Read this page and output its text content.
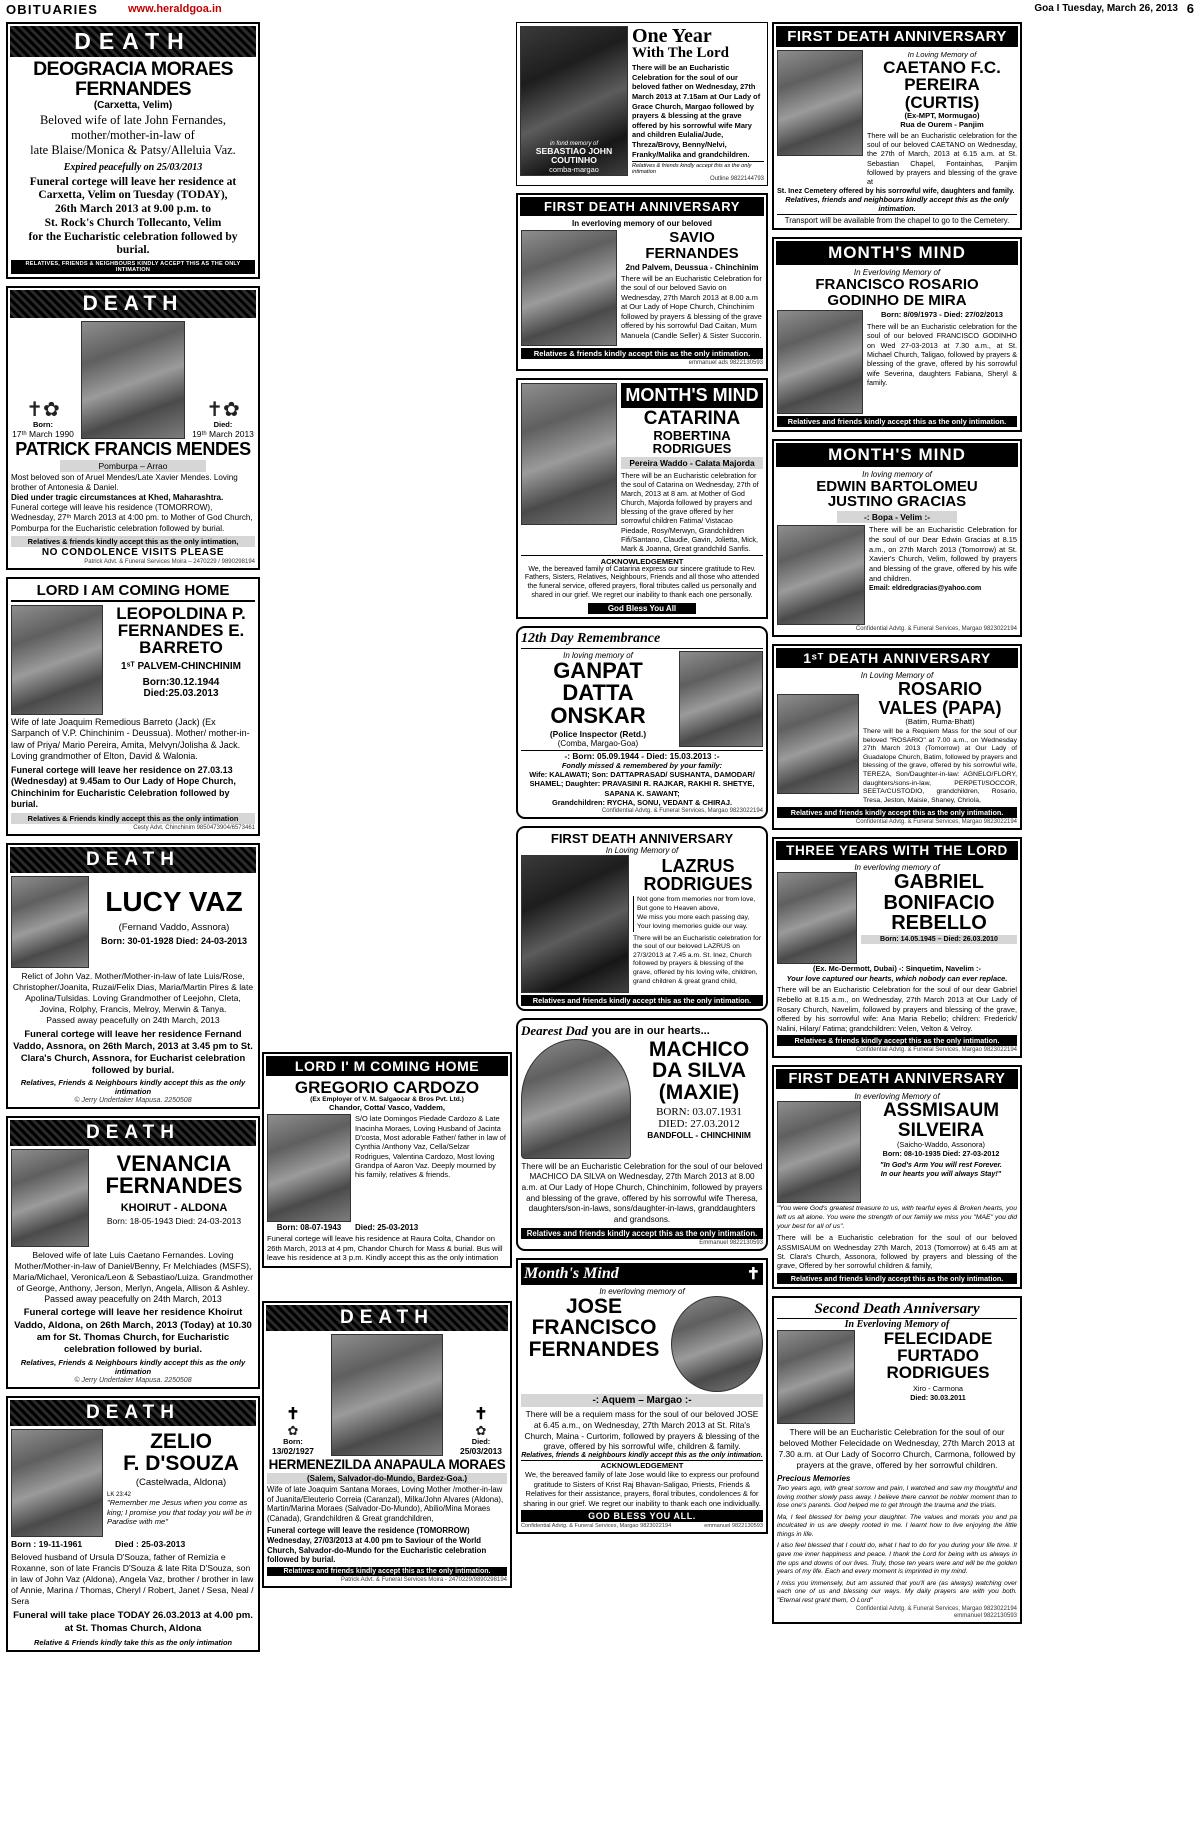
OBITUARIES	www.heraldgoa.in	Goa I Tuesday, March 26, 2013 6
DEATH
DEOGRACIA MORAES FERNANDES
(Carxetta, Velim)
Beloved wife of late John Fernandes,
mother/mother-in-law of
late Blaise/Monica & Patsy/Alleluia Vaz.
Expired peacefully on 25/03/2013
Funeral cortege will leave her residence at
Carxetta, Velim on Tuesday (TODAY),
26th March 2013 at 9.00 p.m. to
St. Rock's Church Tollecanto, Velim
for the Eucharistic celebration followed by burial.
RELATIVES, FRIENDS & NEIGHBOURS KINDLY ACCEPT THIS AS THE ONLY INTIMATION
DEATH
✝✿
Born:
17ᵗʰ March 1990
✝✿
Died:
19ᵗʰ March 2013
PATRICK FRANCIS MENDES
Pomburpa – Arrao
Most beloved son of Aruel Mendes/Late Xavier Mendes. Loving brother of Antonesia & Daniel.
Died under tragic circumstances at Khed, Maharashtra.
Funeral cortege will leave his residence (TOMORROW), Wednesday, 27ᵗʰ March 2013 at 4:00 pm. to Mother of God Church, Pomburpa for the Eucharistic celebration followed by burial.
Relatives & friends kindly accept this as the only intimation,
NO CONDOLENCE VISITS PLEASE
Patrick Advt. & Funeral Services Moira – 2470229 / 9890298194
LORD I AM COMING HOME
LEOPOLDINA P.
FERNANDES E. BARRETO
1ˢᵀ PALVEM-CHINCHINIM
Born:30.12.1944
Died:25.03.2013
Wife of late Joaquim Remedious Barreto (Jack) (Ex Sarpanch of V.P. Chinchinim - Deussua). Mother/ mother-in-law of Priya/ Mario Pereira, Amita, Melvyn/Jolisha & Jack. Loving grandmother of Elton, David & Walonia.
Funeral cortege will leave her residence on 27.03.13 (Wednesday) at 9.45am to Our Lady of Hope Church, Chinchinim for Eucharistic Celebration followed by burial.
Relatives & Friends kindly accept this as the only intimation
Cesty Advt. Chinchinim 9850473904/6573461
DEATH
LUCY VAZ
(Fernand Vaddo, Assnora)
Born: 30-01-1928 Died: 24-03-2013
Relict of John Vaz. Mother/Mother-in-law of late Luis/Rose, Christopher/Joanita, Ruzai/Felix Dias, Maria/Martin Pires & late Apolina/Tulsidas. Loving Grandmother of Leejohn, Cleta, Jovina, Rolphy, Francis, Melroy, Merwin & Tanya.
Passed away peacefully on 24th March, 2013
Funeral cortege will leave her residence Fernand Vaddo, Assnora, on 26th March, 2013 at 3.45 pm to St. Clara's Church, Assnora, for Eucharist celebration followed by burial.
Relatives, Friends & Neighbours kindly accept this as the only intimation
© Jerry Undertaker Mapusa. 2250508
DEATH
VENANCIA
FERNANDES
KHOIRUT - ALDONA
Born: 18-05-1943 Died: 24-03-2013
Beloved wife of late Luis Caetano Fernandes. Loving Mother/Mother-in-law of Daniel/Benny, Fr Melchiades (MSFS), Maria/Michael, Veronica/Leon & Sebastiao/Luiza. Grandmother of George, Anthony, Jerson, Merlyn, Angela, Allison & Ashley.
Passed away peacefully on 24th March, 2013
Funeral cortege will leave her residence Khoirut Vaddo, Aldona, on 26th March, 2013 (Today) at 10.30 am for St. Thomas Church, for Eucharistic celebration followed by burial.
Relatives, Friends & Neighbours kindly accept this as the only intimation
© Jerry Undertaker Mapusa. 2250508
DEATH
ZELIO
F. D'SOUZA
(Castelwada, Aldona)
LK 23:42
"Remember me Jesus when you come as king; I promise you that today you will be in Paradise with me"
Born : 19-11-1961	Died : 25-03-2013
Beloved husband of Ursula D'Souza, father of Remizia e Roxanne, son of late Francis D'Souza & late Rita D'Souza, son in law of John Vaz (Aldona), Angela Vaz, brother / brother in law of Annie, Marina / Thomas, Cheryl / Robert, Janet / Sesa, Neal / Sera
Funeral will take place TODAY 26.03.2013 at 4.00 pm. at St. Thomas Church, Aldona
Relative & Friends kindly take this as the only intimation
LORD I' M COMING HOME
GREGORIO CARDOZO
(Ex Employer of V. M. Salgaocar & Bros Pvt. Ltd.)
Chandor, Cotta/ Vasco, Vaddem,
S/O late Domingos Piedade Cardozo & Late Inacinha Moraes, Loving Husband of Jacinta D'costa, Most adorable Father/ father in law of Cynthia /Anthony Vaz, Cella/Selzar Rodrigues, Valentina Cardozo, Most loving Grandpa of Aaron Vaz. Deeply mourned by his family, relatives & friends.
Born: 08-07-1943	Died: 25-03-2013
Funeral cortege will leave his residence at Raura Colta, Chandor on 26th March, 2013 at 4 pm, Chandor Church for Mass & burial. Bus will leave his residence at 3 p.m. Kindly accept this as the only intimation
DEATH
✝
✿
Born:
13/02/1927
✝
✿
Died:
25/03/2013
HERMENEZILDA ANAPAULA MORAES
(Salem, Salvador-do-Mundo, Bardez-Goa.)
Wife of late Joaquim Santana Moraes, Loving Mother /mother-in-law of Juanita/Eleuterio Correia (Caranzal), Milka/John Alvares (Aldona), Martin/Marina Moraes (Salvador-Do-Mundo), Abilio/Mina Moraes (Canada), Grandchildren & Great grandchildren,
Funeral cortege will leave the residence (TOMORROW) Wednesday, 27/03/2013 at 4.00 pm to Saviour of the World Church, Salvador-do-Mundo for the Eucharistic celebration followed by burial.
Relatives and friends kindly accept this as the only intimation.
Patrick Advt. & Funeral Services Moira - 2470229/9890298194
in fond memory of
SEBASTIAO JOHN COUTINHO
comba-margao
One Year
With The Lord
There will be an Eucharistic Celebration for the soul of our beloved father on Wednesday, 27th March 2013 at 7.15am at Our Lady of Grace Church, Margao followed by prayers & blessing at the grave offered by his sorrowful wife Mary and children Eulalia/Jude, Threza/Brovy, Benny/Nelvi, Franky/Malika and grandchildren.
Relatives & friends kindly accept this as the only intimation
Outline 9822144793
FIRST DEATH ANNIVERSARY
In everloving memory of our beloved
SAVIO FERNANDES
2nd Palvem, Deussua - Chinchinim
There will be an Eucharistic Celebration for the soul of our beloved Savio on Wednesday, 27th March 2013 at 8.00 a.m at Our Lady of Hope Church, Chinchinim followed by prayers & blessing of the grave offered by his sorrowful Dad Caitan, Mum Manuela (Candle Seller) & Sister Succorin.
Relatives & friends kindly accept this as the only intimation.
emmanuel ads 9822130593
MONTH'S MIND
CATARINA
ROBERTINA RODRIGUES
Pereira Waddo - Calata Majorda
There will be an Eucharistic celebration for the soul of Catarina on Wednesday, 27th of March, 2013 at 8 am. at Mother of God Church, Majorda followed by prayers and blessing of the grave offered by her sorrowful children Fatima/ Vistacao Piedade, Rosy/Merwyn, Grandchildren Fifi/Santano, Claudie, Gavin, Jolietta, Mick, Mark & Joanna, Great grandchild Sanfis.
ACKNOWLEDGEMENT
We, the bereaved family of Catarina express our sincere gratitude to Rev. Fathers, Sisters, Relatives, Neighbours, Friends and all those who attended the funeral service, offered prayers, floral tributes called us personally and shared in our grief. We regret our inability to thank each one personally.
God Bless You All
12th Day Remembrance
In loving memory of
GANPAT
DATTA ONSKAR
(Police Inspector (Retd.)
(Comba, Margao-Goa)
-: Born: 05.09.1944 - Died: 15.03.2013 :-
Fondly missed & remembered by your family:
Wife: KALAWATI; Son: DATTAPRASAD/ SUSHANTA, DAMODAR/ SHAMEL; Daughter: PRAVASINI R. RAJKAR, RAKHI R. SHETYE, SAPANA K. SAWANT;
Grandchildren: RYCHA, SONU, VEDANT & CHIRAJ.
Confidential Advtg. & Funeral Services, Margao 9823022194
FIRST DEATH ANNIVERSARY
In Loving Memory of
LAZRUS
RODRIGUES
Not gone from memories nor from love,
But gone to Heaven above,
We miss you more each passing day,
Your loving memories guide our way.
There will be an Eucharistic celebration for the soul of our beloved LAZRUS on 27/3/2013 at 7.45 a.m. St. Inez, Church followed by prayers & blessing of the grave, offered by his loving wife, children, grand children & great grand child,
Relatives and friends kindly accept this as the only intimation.
Dearest Dad you are in our hearts...
MACHICO
DA SILVA
(MAXIE)
BORN: 03.07.1931
DIED: 27.03.2012
BANDFOLL - CHINCHINIM
There will be an Eucharistic Celebration for the soul of our beloved MACHICO DA SILVA on Wednesday, 27th March 2013 at 8.00 a.m. at Our Lady of Hope Church, Chinchinim, followed by prayers and blessing of the grave, offered by his sorrowful wife Theresa, daughters/son-in-laws, sons/daughter-in-laws, granddaughters and grandsons.
Relatives and friends kindly accept this as the only intimation.
Emmanuel 9822130593
Month's Mind	✝
In everloving memory of
JOSE
FRANCISCO
FERNANDES
-: Aquem – Margao :-
There will be a requiem mass for the soul of our beloved JOSE at 6.45 a.m., on Wednesday, 27th March 2013 at St. Rita's Church, Maina - Curtorim, followed by prayers & blessing of the grave, offered by his sorrowful wife, children & family.
Relatives, friends & neighbours kindly accept this as the only intimation.
ACKNOWLEDGEMENT
We, the bereaved family of late Jose would like to express our profound gratitude to Sisters of Krist Raj Bhavan-Saligao, Priests, Friends & Relatives for their assistance, prayers, floral tributes, condolences & for sharing in our grief. We regret our inability to thank each one individually.
GOD BLESS YOU ALL.
Confidential Advtg. & Funeral Services, Margao 9823022194	emmanuel 9822130593
FIRST DEATH ANNIVERSARY
In Loving Memory of
CAETANO F.C.
PEREIRA (CURTIS)
(Ex-MPT, Mormugao)
Rua de Ourem - Panjim
There will be an Eucharistic celebration for the soul of our beloved CAETANO on Wednesday, the 27th of March, 2013 at 6.15 a.m. at St. Sebastian Chapel, Fontainhas, Panjim followed by prayers and blessing of the grave at
St. Inez Cemetery offered by his sorrowful wife, daughters and family.
Relatives, friends and neighbours kindly accept this as the only intimation.
Transport will be available from the chapel to go to the Cemetery.
MONTH'S MIND
In Everloving Memory of
FRANCISCO ROSARIO
GODINHO DE MIRA
Born: 8/09/1973 - Died: 27/02/2013
There will be an Eucharistic celebration for the soul of our beloved FRANCISCO GODINHO on Wed 27-03-2013 at 7.30 a.m., at St. Michael Church, Taligao, followed by prayers & blessing of the grave, offered by his sorrowful wife Severina, daughters Fabiana, Sheryl & family.
Relatives and friends kindly accept this as the only intimation.
MONTH'S MIND
In loving memory of
EDWIN BARTOLOMEU
JUSTINO GRACIAS
-: Bopa - Velim :-
There will be an Eucharistic Celebration for the soul of our Dear Edwin Gracias at 8.15 a.m., on 27th March 2013 (Tomorrow) at St. Xavier's Church, Velim, followed by prayers and blessing of the grave, offered by his wife and children.
Email: eldredgracias@yahoo.com
Confidential Advtg. & Funeral Services, Margao 9823022194
1ˢᵀ DEATH ANNIVERSARY
In Loving Memory of
ROSARIO
VALES (PAPA)
(Batim, Ruma-Bhatt)
There will be a Requiem Mass for the soul of our beloved "ROSARIO" at 7.00 a.m., on Wednesday 27th March 2013 (Tomorrow) at Our Lady of Guadalope Church, Batim, followed by prayers and blessing of the grave, offered by his sorrowful wife, TEREZA, Son/Daughter-in-law: AGNELO/FLORY, daughters/sons-in-law, PERPETI/SOCCOR, SEETA/CUSTODIO, grandchildren, Rosario, Tresa, Jeston, Maisie, Shaney, Chriola,
Relatives and friends kindly accept this as the only intimation.
Confidential Advtg. & Funeral Services, Margao 9823022194
THREE YEARS WITH THE LORD
In everloving memory of
GABRIEL
BONIFACIO
REBELLO
Born: 14.05.1945 – Died: 26.03.2010
(Ex. Mc-Dermott, Dubai) -: Sinquetim, Navelim :-
Your love captured our hearts, which nobody can ever replace.
There will be an Eucharistic Celebration for the soul of our dear Gabriel Rebello at 8.15 a.m., on Wednesday, 27th March 2013 at Our Lady of Rosary Church, Navelim, followed by prayers and blessing of the grave, offered by his sorrowful wife: Ana Maria Rebello; children: Frederick/ Nalini, Hilary/ Fatima; grandchildren: Velen, Velton & Velroy.
Relatives & friends kindly accept this as the only intimation.
Confidential Advtg. & Funeral Services, Margao 9823022194
FIRST DEATH ANNIVERSARY
In everloving Memory of
ASSMISAUM
SILVEIRA
(Saicho-Waddo, Assonora)
Born: 08-10-1935 Died: 27-03-2012
"In God's Arm You will rest Forever.
In our hearts you will always Stay!"
"You were God's greatest treasure to us, with tearful eyes & Broken hearts, you left us all alone. You were the strength of our family we miss you "MAE" you did your best for all of us".
There will be a Eucharistic celebration for the soul of our beloved ASSMISAUM on Wednesday 27th March, 2013 (Tomorrow) at 6.45 am at St. Clara's Church, Assonora, followed by prayers and blessing of the grave, Offered by her sorrowful children & family,
Relatives and friends kindly accept this as the only intimation.
Second Death Anniversary
In Everloving Memory of
FELECIDADE
FURTADO
RODRIGUES
Xiro - Carmona
Died: 30.03.2011
There will be an Eucharistic Celebration for the soul of our beloved Mother Felecidade on Wednesday, 27th March 2013 at 7.30 a.m. at Our Lady of Socorro Church, Carmona, followed by prayers at the grave, offered by her sorrowful children.
Precious Memories
Two years ago, with great sorrow and pain, I watched and saw my thoughtful and loving mother slowly pass away. I believe there cannot be nobler moment than to lose one's parents. God helped me to get through the trauma and the trials.
Ma, I feel blessed for being your daughter. The values and morals you and pa inculcated in us are deeply rooted in me. I learnt how to live enjoying the little things in life.
I also feel blessed that I could do, what I had to do for you during your life time. It gave me inner happiness and peace. I thank the Lord for being with us always in the ups and downs of our lives. Truly, those ten years were and will be the golden years of my life. Each and every moment is imprinted in my mind.
I miss you immensely, but am assured that you'll are (as always) watching over each one of us and blessing our ways. My daily prayers are with you both. "Eternal rest grant them, O Lord"
Confidential Advtg. & Funeral Services, Margao 9823022194
emmanuel 9822130593
